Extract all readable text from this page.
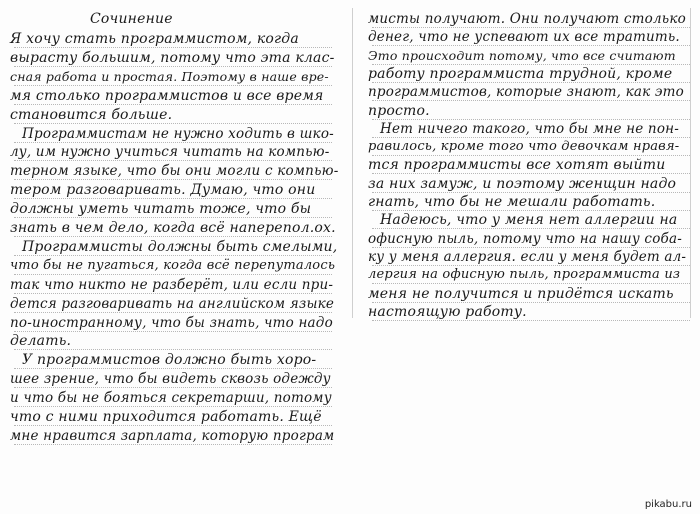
Сочинение
Я хочу стать программистом, когда
вырасту большим, потому что эта клас-
сная работа и простая. Поэтому в наше вре-
мя столько программистов и все время
становится больше.
Программистам не нужно ходить в шко-
лу, им нужно учиться читать на компью-
терном языке, что бы они могли с компью-
тером разговаривать. Думаю, что они
должны уметь читать тоже, что бы
знать в чем дело, когда всё наперепол.ох.
Программисты должны быть смелыми,
что бы не пугаться, когда всё перепуталось
так что никто не разберёт, или если при-
дется разговаривать на английском языке
по-иностранному, что бы знать, что надо
делать.
У программистов должно быть хоро-
шее зрение, что бы видеть сквозь одежду
и что бы не бояться секретарши, потому
что с ними приходится работать. Ещё
мне нравится зарплата, которую програм
мисты получают. Они получают столько
денег, что не успевают их все тратить.
Это происходит потому, что все считают
работу программиста трудной, кроме
программистов, которые знают, как это
просто.
Нет ничего такого, что бы мне не пон-
равилось, кроме того что девочкам нравя-
тся программисты все хотят выйти
за них замуж, и поэтому женщин надо
гнать, что бы не мешали работать.
Надеюсь, что у меня нет аллергии на
офисную пыль, потому что на нашу соба-
ку у меня аллергия. если у меня будет ал-
лергия на офисную пыль, программиста из
меня не получится и придётся искать
настоящую работу.
pikabu.ru
